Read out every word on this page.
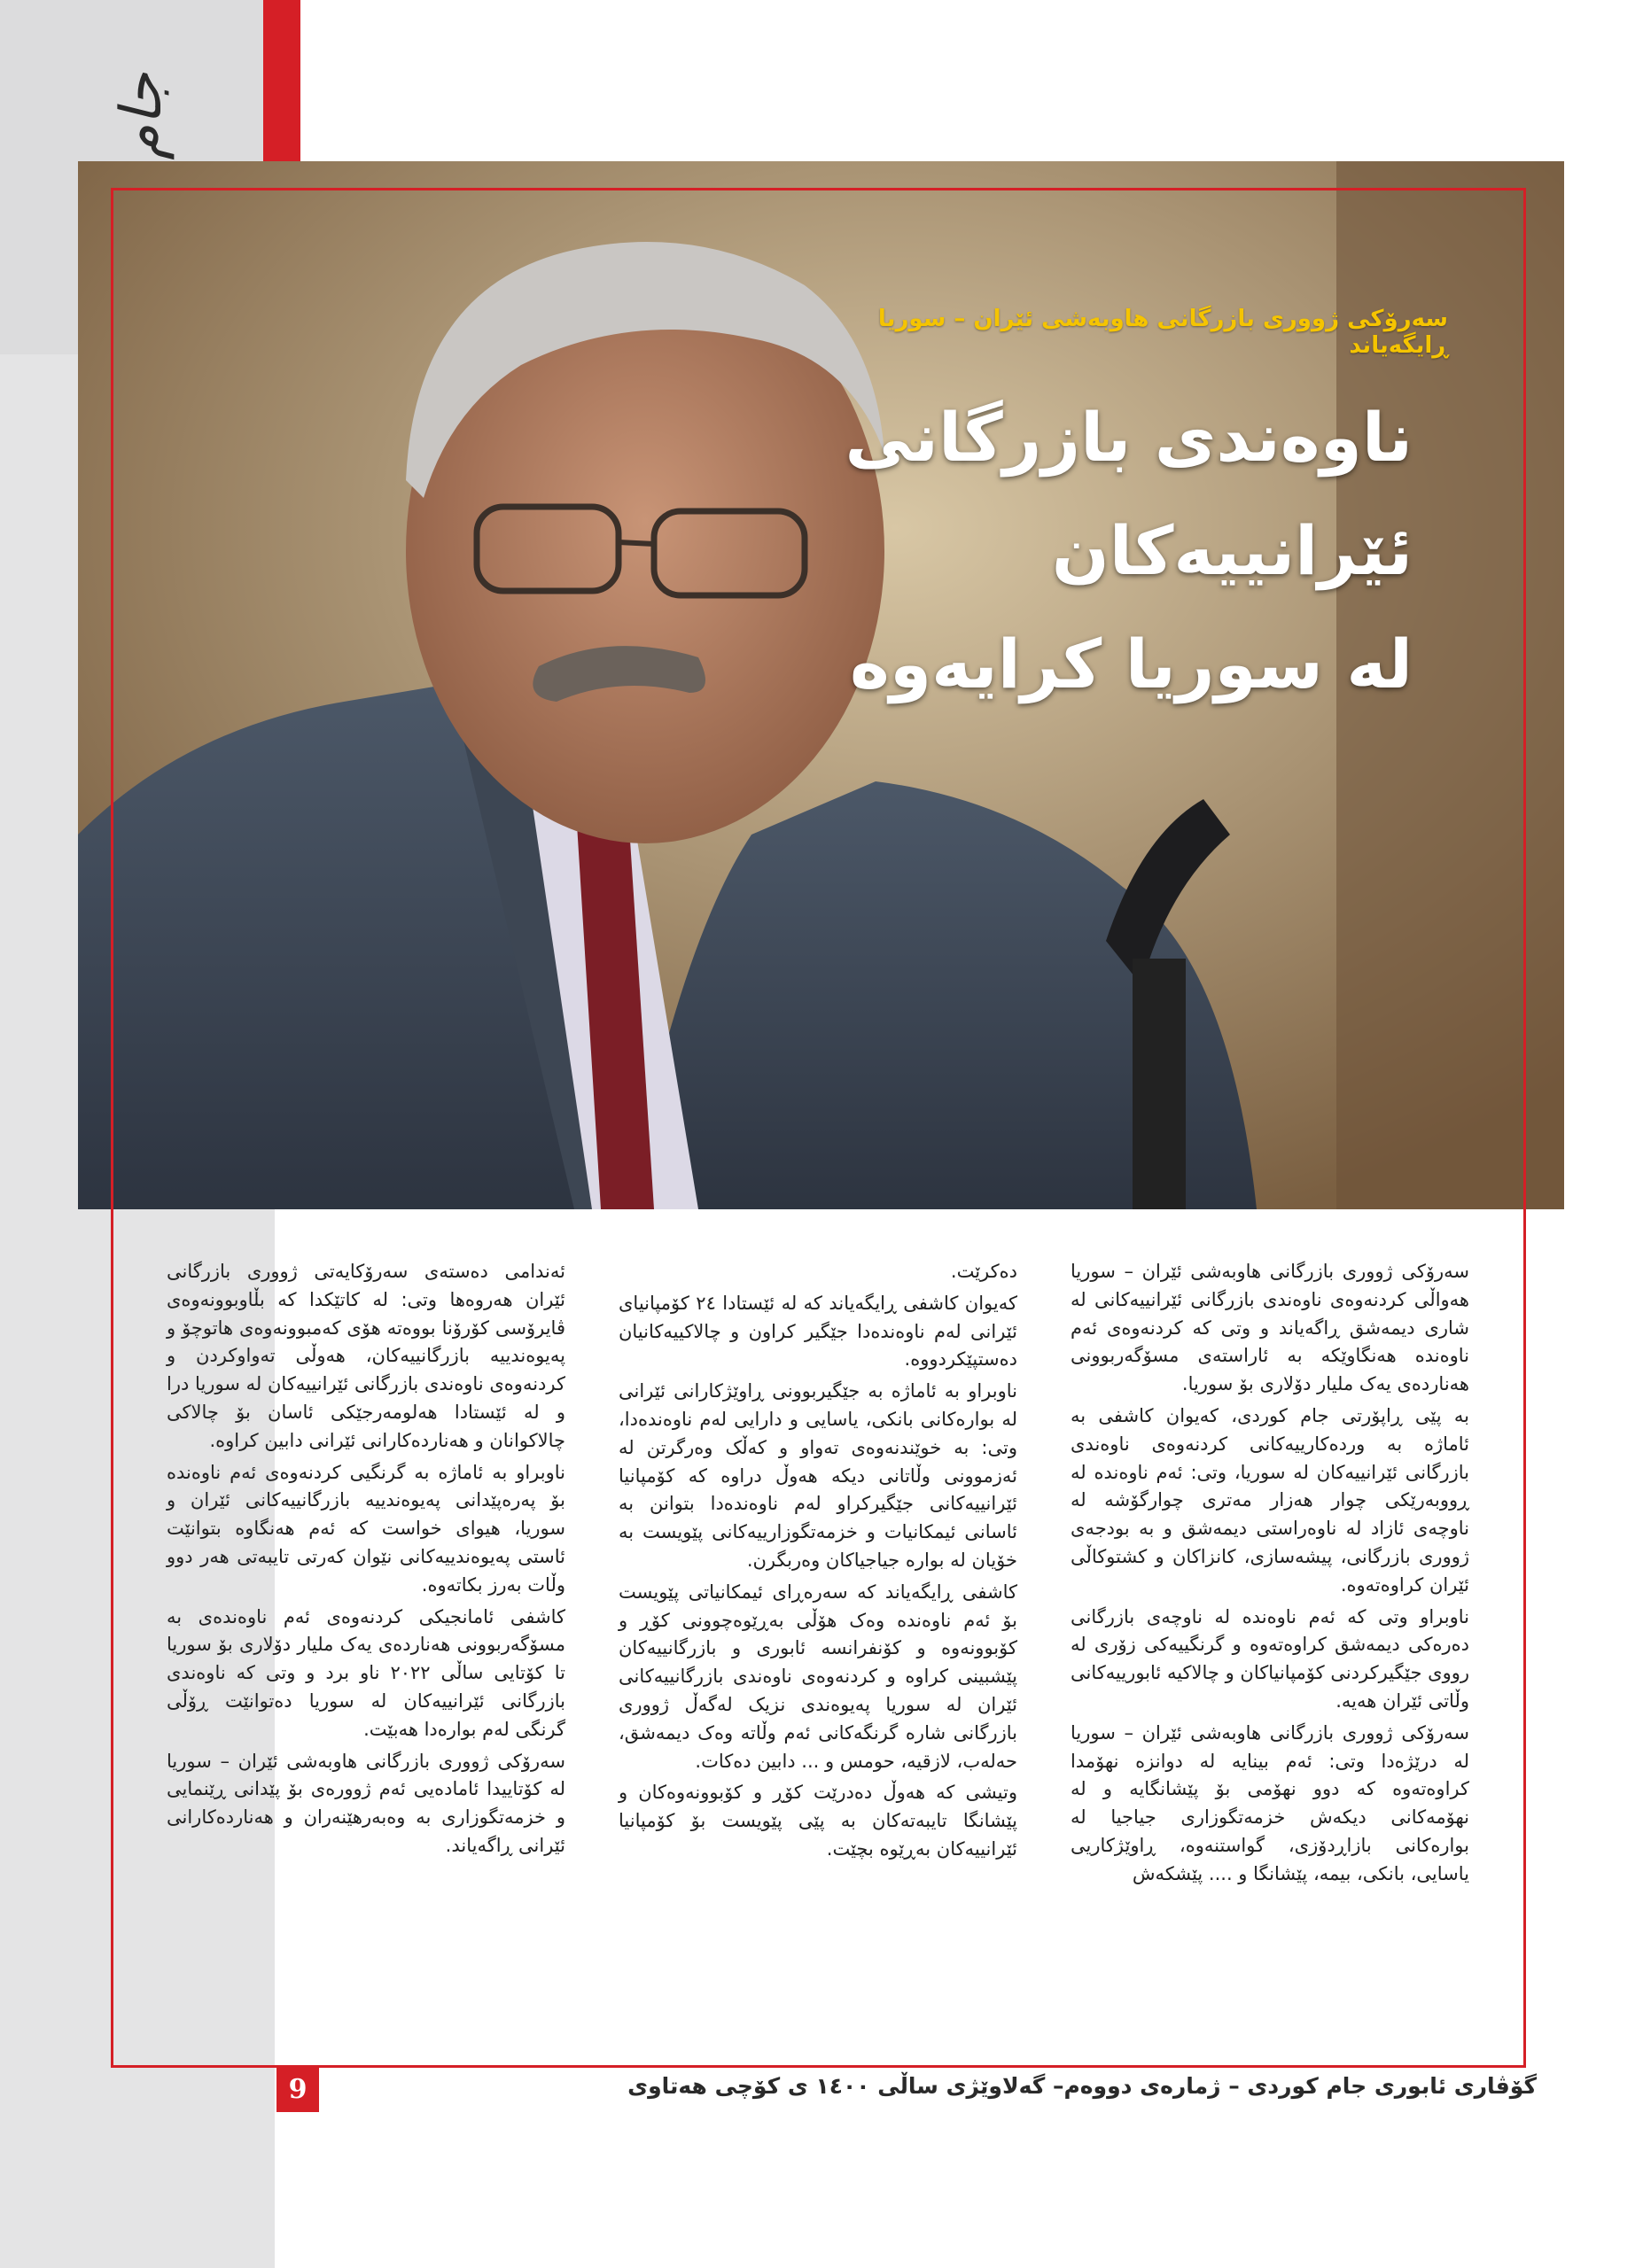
سەرۆکی ژووری بازرگانی هاوبەشی ئێران – سوریا ڕایگەیاند
ناوەندی بازرگانی
ئێرانییەکان
لە سوریا کرایەوە

سەرۆکی ژووری بازرگانی هاوبەشی ئێران – سوریا هەواڵی کردنەوەی ناوەندی بازرگانی ئێرانییەکانی لە شاری دیمەشق ڕاگەیاند و وتی کە کردنەوەی ئەم ناوەندە هەنگاوێکە بە ئاراستەی مسۆگەربوونی هەناردەی یەک ملیار دۆلاری بۆ سوریا.

بە پێی ڕاپۆرتی جام کوردی، کەیوان کاشفی بە ئاماژە بە وردەکارییەکانی کردنەوەی ناوەندی بازرگانی ئێرانییەکان لە سوریا، وتی: ئەم ناوەندە لە ڕووبەرێکی چوار هەزار مەتری چوارگۆشە لە ناوچەی ئازاد لە ناوەراستی دیمەشق و بە بودجەی ژووری بازرگانی، پیشەسازی، کانزاکان و کشتوکاڵی ئێران کراوەتەوە.

ناوبراو وتی کە ئەم ناوەندە لە ناوچەی بازرگانی دەرەکی دیمەشق کراوەتەوە و گرنگییەکی زۆری لە رووی جێگیرکردنی کۆمپانیاکان و چالاکیە ئابورییەکانی وڵاتی ئێران هەیە.

سەرۆکی ژووری بازرگانی هاوبەشی ئێران – سوریا لە درێژەدا وتی: ئەم بینایە لە دوانزە نهۆمدا کراوەتەوە کە دوو نهۆمی بۆ پێشانگایە و لە نهۆمەکانی دیکەش خزمەتگوزاری جیاجیا لە بوارەکانی بازاڕدۆزی، گواستنەوە، ڕاوێژکاریی یاسایی، بانکی، بیمە، پێشانگا و .... پێشکەش

دەکرێت.

کەیوان کاشفی ڕایگەیاند کە لە ئێستادا ٢٤ کۆمپانیای ئێرانی لەم ناوەندەدا جێگیر کراون و چالاکییەکانیان دەستپێکردووە.

ناوبراو بە ئاماژە بە جێگیربوونی ڕاوێژکارانی ئێرانی لە بوارەکانی بانکی، یاسایی و دارایی لەم ناوەندەدا، وتی: بە خوێندنەوەی تەواو و کەڵک وەرگرتن لە ئەزموونی وڵاتانی دیکە هەوڵ دراوە کە کۆمپانیا ئێرانییەکانی جێگیرکراو لەم ناوەندەدا بتوانن بە ئاسانی ئیمکانیات و خزمەتگوزارییەکانی پێویست بە خۆیان لە بوارە جیاجیاکان وەربگرن.

کاشفی ڕایگەیاند کە سەرەڕای ئیمکانیاتی پێویست بۆ ئەم ناوەندە وەک هۆڵی بەڕێوەچوونی کۆڕ و کۆبوونەوە و کۆنفرانسە ئابوری و بازرگانییەکان پێشبینی کراوە و کردنەوەی ناوەندی بازرگانییەکانی ئێران لە سوریا پەیوەندی نزیک لەگەڵ ژووری بازرگانی شارە گرنگەکانی ئەم وڵاتە وەک دیمەشق، حەلەب، لازقیە، حومس و ... دابین دەکات.

وتیشی کە هەوڵ دەدرێت کۆڕ و کۆبوونەوەکان و پێشانگا تایبەتەکان بە پێی پێویست بۆ کۆمپانیا ئێرانییەکان بەڕێوە بچێت.

ئەندامی دەستەی سەرۆکایەتی ژووری بازرگانی ئێران هەروەها وتی: لە کاتێکدا کە بڵاوبوونەوەی ڤایرۆسی کۆرۆنا بووەتە هۆی کەمبوونەوەی هاتوچۆ و پەیوەندییە بازرگانییەکان، هەوڵی تەواوکردن و کردنەوەی ناوەندی بازرگانی ئێرانییەکان لە سوریا درا و لە ئێستادا هەلومەرجێکی ئاسان بۆ چالاکی چالاکوانان و هەناردەکارانی ئێرانی دابین کراوە.

ناوبراو بە ئاماژە بە گرنگیی کردنەوەی ئەم ناوەندە بۆ پەرەپێدانی پەیوەندییە بازرگانییەکانی ئێران و سوریا، هیوای خواست کە ئەم هەنگاوە بتوانێت ئاستی پەیوەندییەکانی نێوان کەرتی تایبەتی هەر دوو وڵات بەرز بکاتەوە.

کاشفی ئامانجیکی کردنەوەی ئەم ناوەندەی بە مسۆگەربوونی هەناردەی یەک ملیار دۆلاری بۆ سوریا تا کۆتایی ساڵی ٢٠٢٢ ناو برد و وتی کە ناوەندی بازرگانی ئێرانییەکان لە سوریا دەتوانێت ڕۆڵی گرنگی لەم بوارەدا هەبێت.

سەرۆکی ژووری بازرگانی هاوبەشی ئێران – سوریا لە کۆتاییدا ئامادەیی ئەم ژوورەی بۆ پێدانی ڕێنمایی و خزمەتگوزاری بە وەبەرهێنەران و هەناردەکارانی ئێرانی ڕاگەیاند.

گۆڤاری ئابوری جام کوردی – ژمارەی دووەم– گەلاوێژی ساڵی ١٤٠٠ ی کۆچی هەتاوی
9
